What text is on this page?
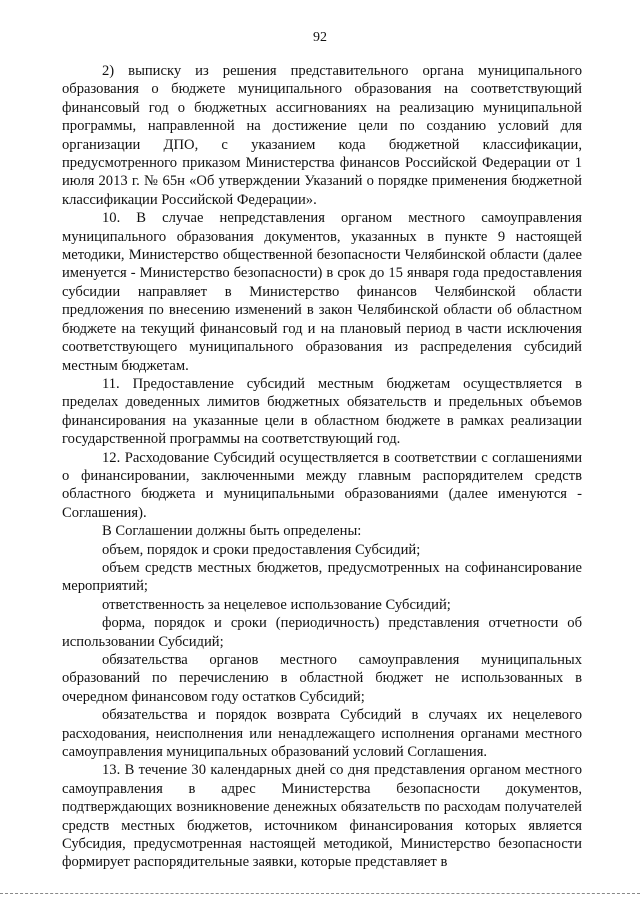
92

2) выписку из решения представительного органа муниципального образования о бюджете муниципального образования на соответствующий финансовый год о бюджетных ассигнованиях на реализацию муниципальной программы, направленной на достижение цели по созданию условий для организации ДПО, с указанием кода бюджетной классификации, предусмотренного приказом Министерства финансов Российской Федерации от 1 июля 2013 г. № 65н «Об утверждении Указаний о порядке применения бюджетной классификации Российской Федерации».

10. В случае непредставления органом местного самоуправления муниципального образования документов, указанных в пункте 9 настоящей методики, Министерство общественной безопасности Челябинской области (далее именуется - Министерство безопасности) в срок до 15 января года предоставления субсидии направляет в Министерство финансов Челябинской области предложения по внесению изменений в закон Челябинской области об областном бюджете на текущий финансовый год и на плановый период в части исключения соответствующего муниципального образования из распределения субсидий местным бюджетам.

11. Предоставление субсидий местным бюджетам осуществляется в пределах доведенных лимитов бюджетных обязательств и предельных объемов финансирования на указанные цели в областном бюджете в рамках реализации государственной программы на соответствующий год.

12. Расходование Субсидий осуществляется в соответствии с соглашениями о финансировании, заключенными между главным распорядителем средств областного бюджета и муниципальными образованиями (далее именуются - Соглашения).

В Соглашении должны быть определены:

объем, порядок и сроки предоставления Субсидий;

объем средств местных бюджетов, предусмотренных на софинансирование мероприятий;

ответственность за нецелевое использование Субсидий;

форма, порядок и сроки (периодичность) представления отчетности об использовании Субсидий;

обязательства органов местного самоуправления муниципальных образований по перечислению в областной бюджет не использованных в очередном финансовом году остатков Субсидий;

обязательства и порядок возврата Субсидий в случаях их нецелевого расходования, неисполнения или ненадлежащего исполнения органами местного самоуправления муниципальных образований условий Соглашения.

13. В течение 30 календарных дней со дня представления органом местного самоуправления в адрес Министерства безопасности документов, подтверждающих возникновение денежных обязательств по расходам получателей средств местных бюджетов, источником финансирования которых является Субсидия, предусмотренная настоящей методикой, Министерство безопасности формирует распорядительные заявки, которые представляет в
